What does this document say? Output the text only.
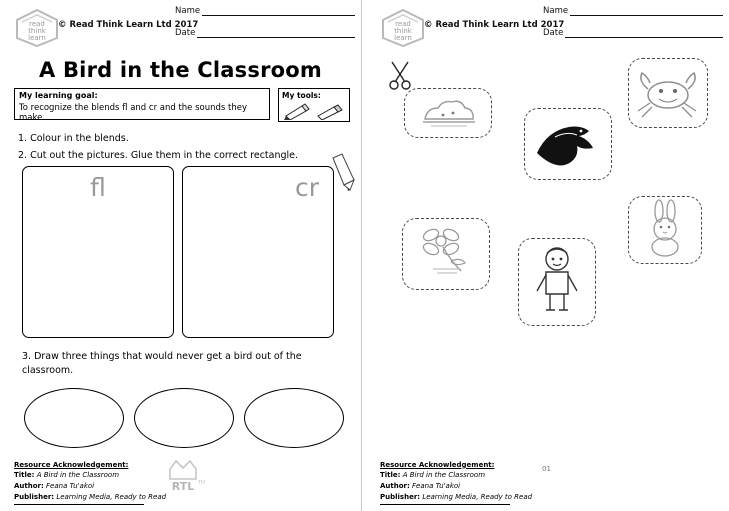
read
think
learn
© Read Think Learn Ltd 2017
Name
Date
A Bird in the Classroom
My learning goal:
To recognize the blends fl and cr and the sounds they make.
My tools:
1. Colour in the blends.
2. Cut out the pictures. Glue them in the correct rectangle.
fl	cr
3. Draw three things that would never get a bird out of the classroom.
RTL TM
Resource Acknowledgement:
Title: A Bird in the Classroom
Author: Feana Tu'akoi
Publisher: Learning Media, Ready to Read
read
think
learn
© Read Think Learn Ltd 2017
Name
Date
01
Resource Acknowledgement:
Title: A Bird in the Classroom
Author: Feana Tu'akoi
Publisher: Learning Media, Ready to Read
